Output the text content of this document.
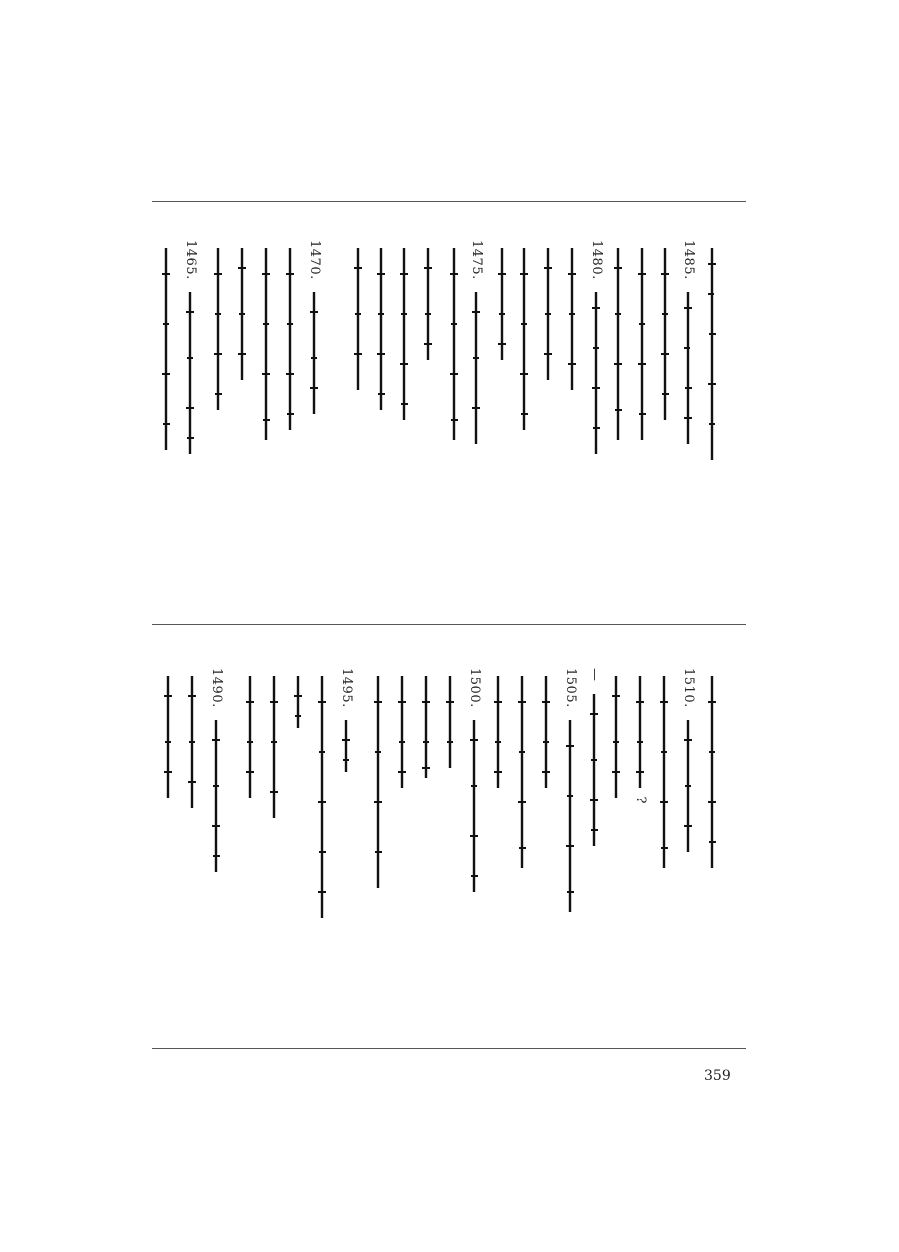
1485.
1480.
1475.
1470.
1465.
1510.
?
—
1505.
1500.
1495.
1490.
359
